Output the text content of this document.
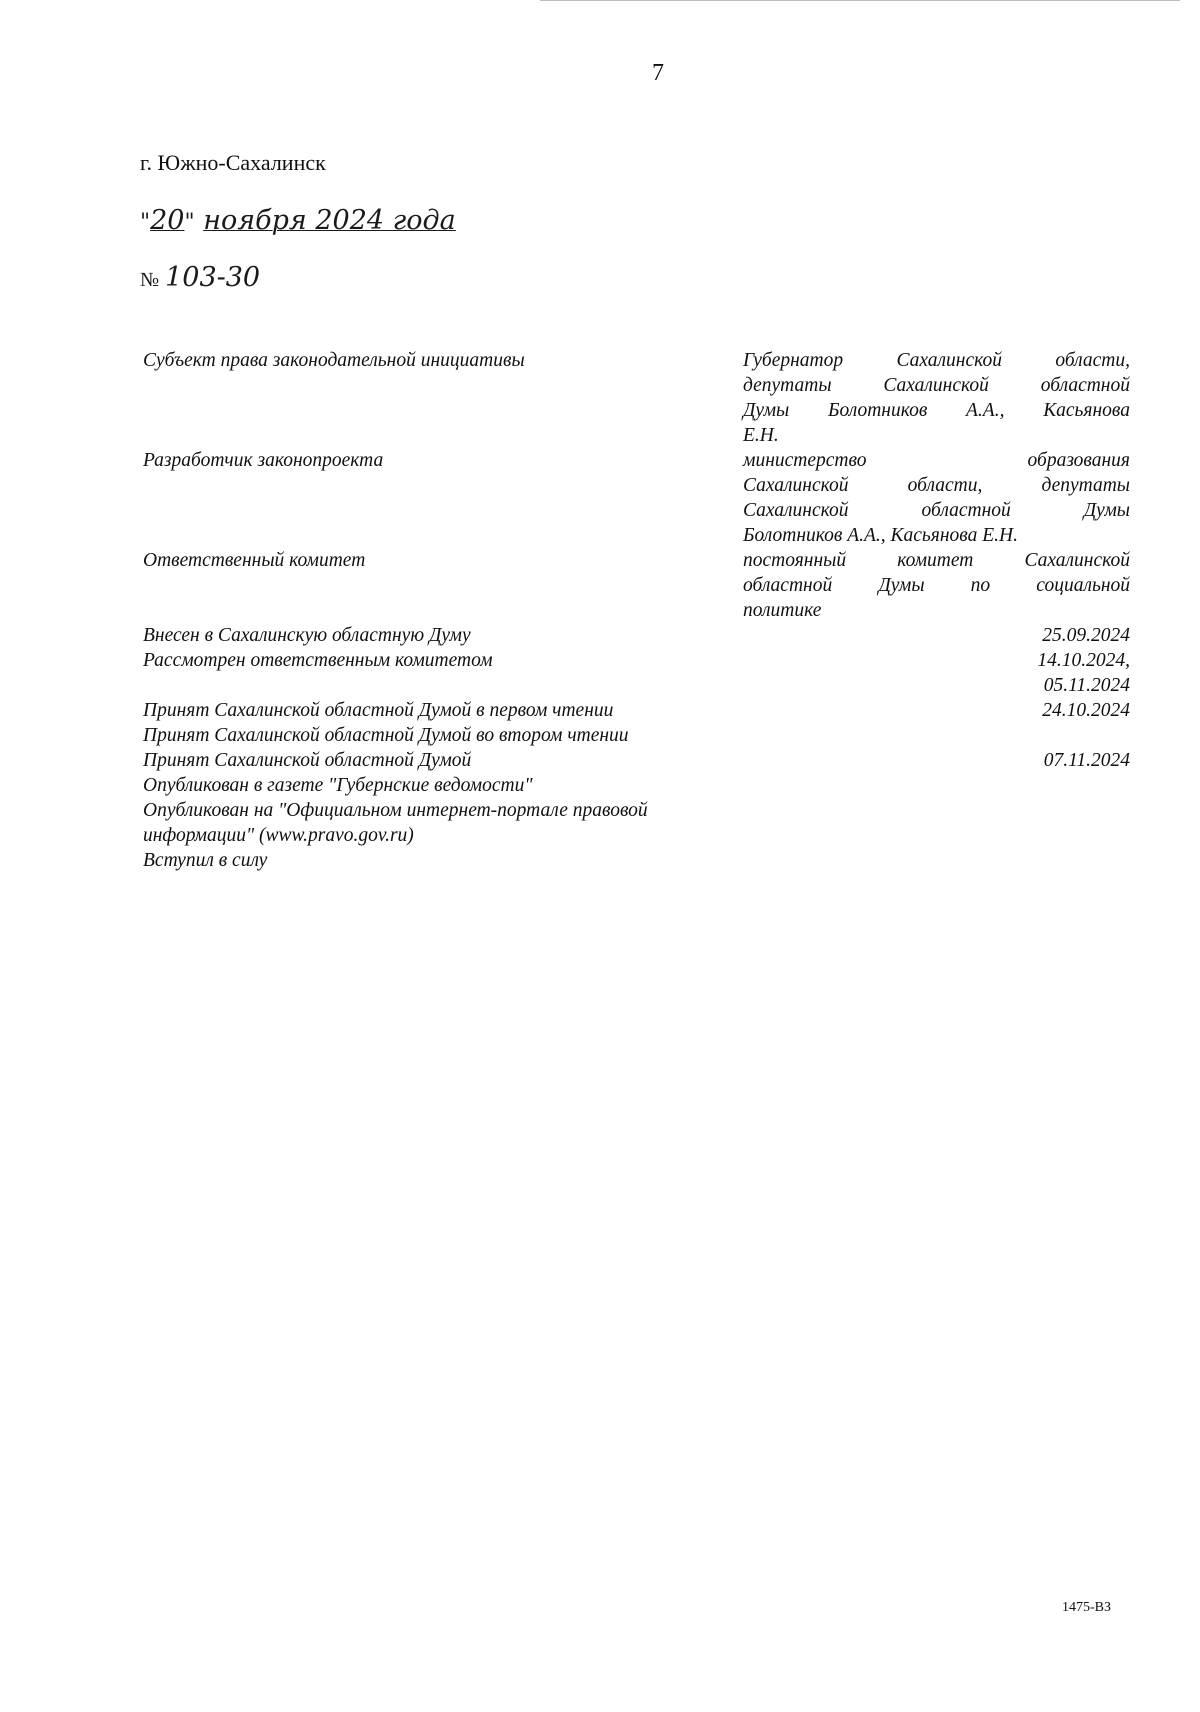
7
г. Южно-Сахалинск
"20" ноября 2024 года
№ 103-30
Субъект права законодательной инициативы	Губернатор Сахалинской области,
депутаты Сахалинской областной
Думы Болотников А.А., Касьянова
Е.Н.
Разработчик законопроекта	министерство образования
Сахалинской области, депутаты
Сахалинской областной Думы
Болотников А.А., Касьянова Е.Н.
Ответственный комитет	постоянный комитет Сахалинской
областной Думы по социальной
политике
Внесен в Сахалинскую областную Думу	25.09.2024
Рассмотрен ответственным комитетом	14.10.2024,
05.11.2024
Принят Сахалинской областной Думой в первом чтении	24.10.2024
Принят Сахалинской областной Думой во втором чтении

Принят Сахалинской областной Думой	07.11.2024
Опубликован в газете "Губернские ведомости"
Опубликован на "Официальном интернет-портале правовой
информации" (www.pravo.gov.ru)
Вступил в силу
1475-ВЗ
